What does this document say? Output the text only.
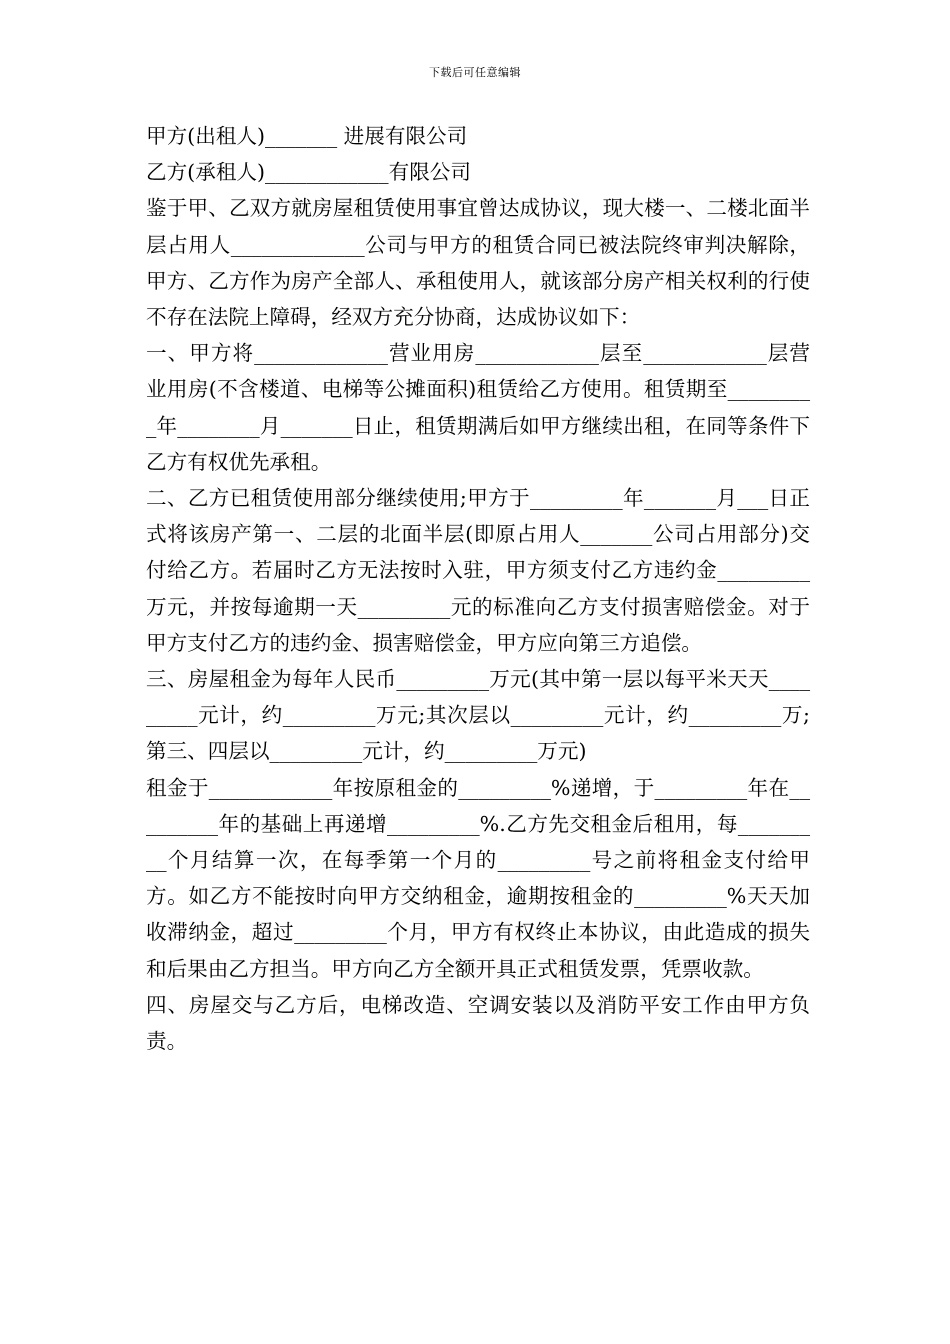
下载后可任意编辑

甲方(出租人)_______ 进展有限公司

乙方(承租人)____________有限公司

鉴于甲、乙双方就房屋租赁使用事宜曾达成协议，现大楼一、二楼北面半层占用人_____________公司与甲方的租赁合同已被法院终审判决解除，甲方、乙方作为房产全部人、承租使用人，就该部分房产相关权利的行使不存在法院上障碍，经双方充分协商，达成协议如下：

一、甲方将_____________营业用房____________层至____________层营业用房(不含楼道、电梯等公摊面积)租赁给乙方使用。租赁期至_________年________月_______日止，租赁期满后如甲方继续出租，在同等条件下乙方有权优先承租。

二、乙方已租赁使用部分继续使用;甲方于_________年_______月___日正式将该房产第一、二层的北面半层(即原占用人_______公司占用部分)交付给乙方。若届时乙方无法按时入驻，甲方须支付乙方违约金_________万元，并按每逾期一天_________元的标准向乙方支付损害赔偿金。对于甲方支付乙方的违约金、损害赔偿金，甲方应向第三方追偿。

三、房屋租金为每年人民币_________万元(其中第一层以每平米天天_________元计，约_________万元;其次层以_________元计，约_________万;第三、四层以_________元计，约_________万元)

租金于____________年按原租金的_________%递增，于_________年在_________年的基础上再递增_________%.乙方先交租金后租用，每_________个月结算一次，在每季第一个月的_________号之前将租金支付给甲方。如乙方不能按时向甲方交纳租金，逾期按租金的_________%天天加收滞纳金，超过_________个月，甲方有权终止本协议，由此造成的损失和后果由乙方担当。甲方向乙方全额开具正式租赁发票，凭票收款。

四、房屋交与乙方后，电梯改造、空调安装以及消防平安工作由甲方负责。
